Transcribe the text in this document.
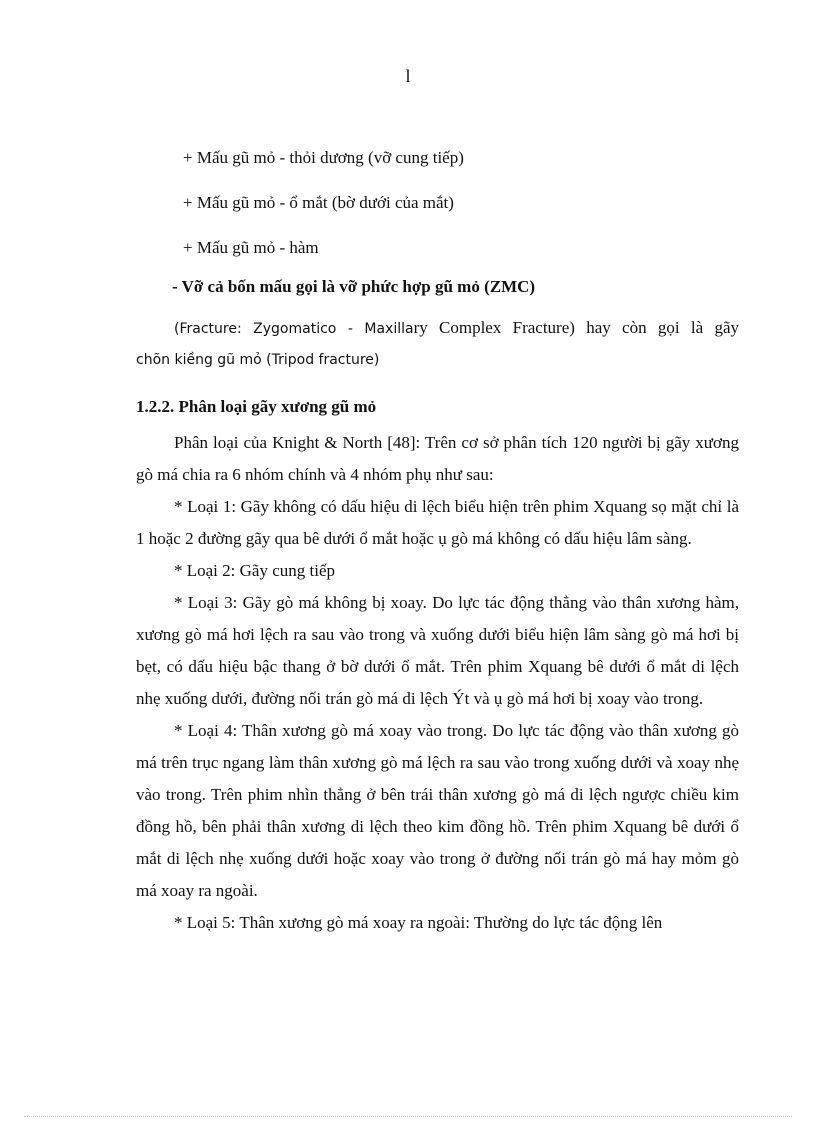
l
+ Mấu gũ mỏ - thỏi dương (vỡ cung tiếp)
+ Mấu gũ mỏ - ổ mắt (bờ dưới của mắt)
+ Mấu gũ mỏ - hàm
- Vỡ cả bốn mấu gọi là vỡ phức hợp gũ mỏ (ZMC)
(Fracture: Zygomatico - Maxillary Complex Fracture) hay còn gọi là gãy
chõn kiềng gũ mỏ (Tripod fracture)
1.2.2. Phân loại gãy xương gũ mỏ

Phân loại của Knight & North [48]: Trên cơ sở phân tích 120 người bị gãy xương gò má chia ra 6 nhóm chính và 4 nhóm phụ như sau:

* Loại 1: Gãy không có dấu hiệu di lệch biểu hiện trên phim Xquang sọ mặt chỉ là 1 hoặc 2 đường gãy qua bê dưới ổ mắt hoặc ụ gò má không có dấu hiệu lâm sàng.

* Loại 2: Gãy cung tiếp

* Loại 3: Gãy gò má không bị xoay. Do lực tác động thẳng vào thân xương hàm, xương gò má hơi lệch ra sau vào trong và xuống dưới biểu hiện lâm sàng gò má hơi bị bẹt, có dấu hiệu bậc thang ở bờ dưới ổ mắt. Trên phim Xquang bê dưới ổ mắt di lệch nhẹ xuống dưới, đường nối trán gò má di lệch Ýt và ụ gò má hơi bị xoay vào trong.

* Loại 4: Thân xương gò má xoay vào trong. Do lực tác động vào thân xương gò má trên trục ngang làm thân xương gò má lệch ra sau vào trong xuống dưới và xoay nhẹ vào trong. Trên phim nhìn thẳng ở bên trái thân xương gò má di lệch ngược chiều kim đồng hồ, bên phải thân xương di lệch theo kim đồng hồ. Trên phim Xquang bê dưới ổ mắt di lệch nhẹ xuống dưới hoặc xoay vào trong ở đường nối trán gò má hay mỏm gò má xoay ra ngoài.

* Loại 5: Thân xương gò má xoay ra ngoài: Thường do lực tác động lên
